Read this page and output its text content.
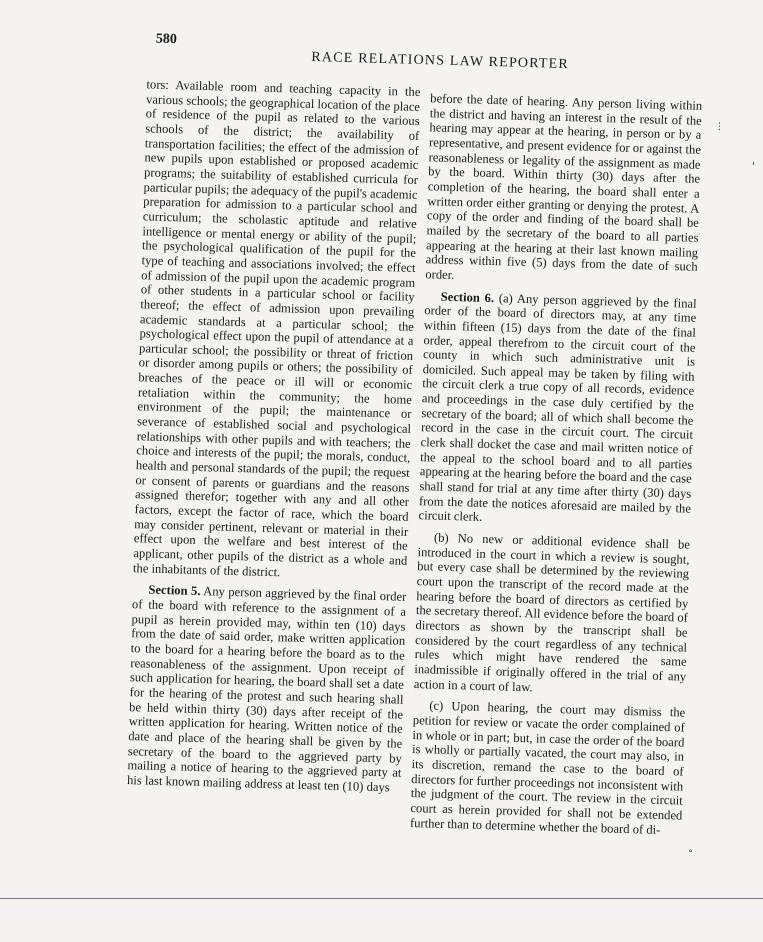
580
RACE RELATIONS LAW REPORTER

tors: Available room and teaching capacity in the various schools; the geographical location of the place of residence of the pupil as related to the various schools of the district; the availability of transportation facilities; the effect of the admission of new pupils upon established or proposed academic programs; the suitability of established curricula for particular pupils; the adequacy of the pupil's academic preparation for admission to a particular school and curriculum; the scholastic aptitude and relative intelligence or mental energy or ability of the pupil; the psychological qualification of the pupil for the type of teaching and associations involved; the effect of admission of the pupil upon the academic program of other students in a particular school or facility thereof; the effect of admission upon prevailing academic standards at a particular school; the psychological effect upon the pupil of attendance at a particular school; the possibility or threat of friction or disorder among pupils or others; the possibility of breaches of the peace or ill will or economic retaliation within the community; the home environment of the pupil; the maintenance or severance of established social and psychological relationships with other pupils and with teachers; the choice and interests of the pupil; the morals, conduct, health and personal standards of the pupil; the request or consent of parents or guardians and the reasons assigned therefor; together with any and all other factors, except the factor of race, which the board may consider pertinent, relevant or material in their effect upon the welfare and best interest of the applicant, other pupils of the district as a whole and the inhabitants of the district.

Section 5. Any person aggrieved by the final order of the board with reference to the assignment of a pupil as herein provided may, within ten (10) days from the date of said order, make written application to the board for a hearing before the board as to the reasonableness of the assignment. Upon receipt of such application for hearing, the board shall set a date for the hearing of the protest and such hearing shall be held within thirty (30) days after receipt of the written application for hearing. Written notice of the date and place of the hearing shall be given by the secretary of the board to the aggrieved party by mailing a notice of hearing to the aggrieved party at his last known mailing address at least ten (10) days

before the date of hearing. Any person living within the district and having an interest in the result of the hearing may appear at the hearing, in person or by a representative, and present evidence for or against the reasonableness or legality of the assignment as made by the board. Within thirty (30) days after the completion of the hearing, the board shall enter a written order either granting or denying the protest. A copy of the order and finding of the board shall be mailed by the secretary of the board to all parties appearing at the hearing at their last known mailing address within five (5) days from the date of such order.

Section 6. (a) Any person aggrieved by the final order of the board of directors may, at any time within fifteen (15) days from the date of the final order, appeal therefrom to the circuit court of the county in which such administrative unit is domiciled. Such appeal may be taken by filing with the circuit clerk a true copy of all records, evidence and proceedings in the case duly certified by the secretary of the board; all of which shall become the record in the case in the circuit court. The circuit clerk shall docket the case and mail written notice of the appeal to the school board and to all parties appearing at the hearing before the board and the case shall stand for trial at any time after thirty (30) days from the date the notices aforesaid are mailed by the circuit clerk.

(b) No new or additional evidence shall be introduced in the court in which a review is sought, but every case shall be determined by the reviewing court upon the transcript of the record made at the hearing before the board of directors as certified by the secretary thereof. All evidence before the board of directors as shown by the transcript shall be considered by the court regardless of any technical rules which might have rendered the same inadmissible if originally offered in the trial of any action in a court of law.

(c) Upon hearing, the court may dismiss the petition for review or vacate the order complained of in whole or in part; but, in case the order of the board is wholly or partially vacated, the court may also, in its discretion, remand the case to the board of directors for further proceedings not inconsistent with the judgment of the court. The review in the circuit court as herein provided for shall not be extended further than to determine whether the board of di-

⋮
ˈ
˚
